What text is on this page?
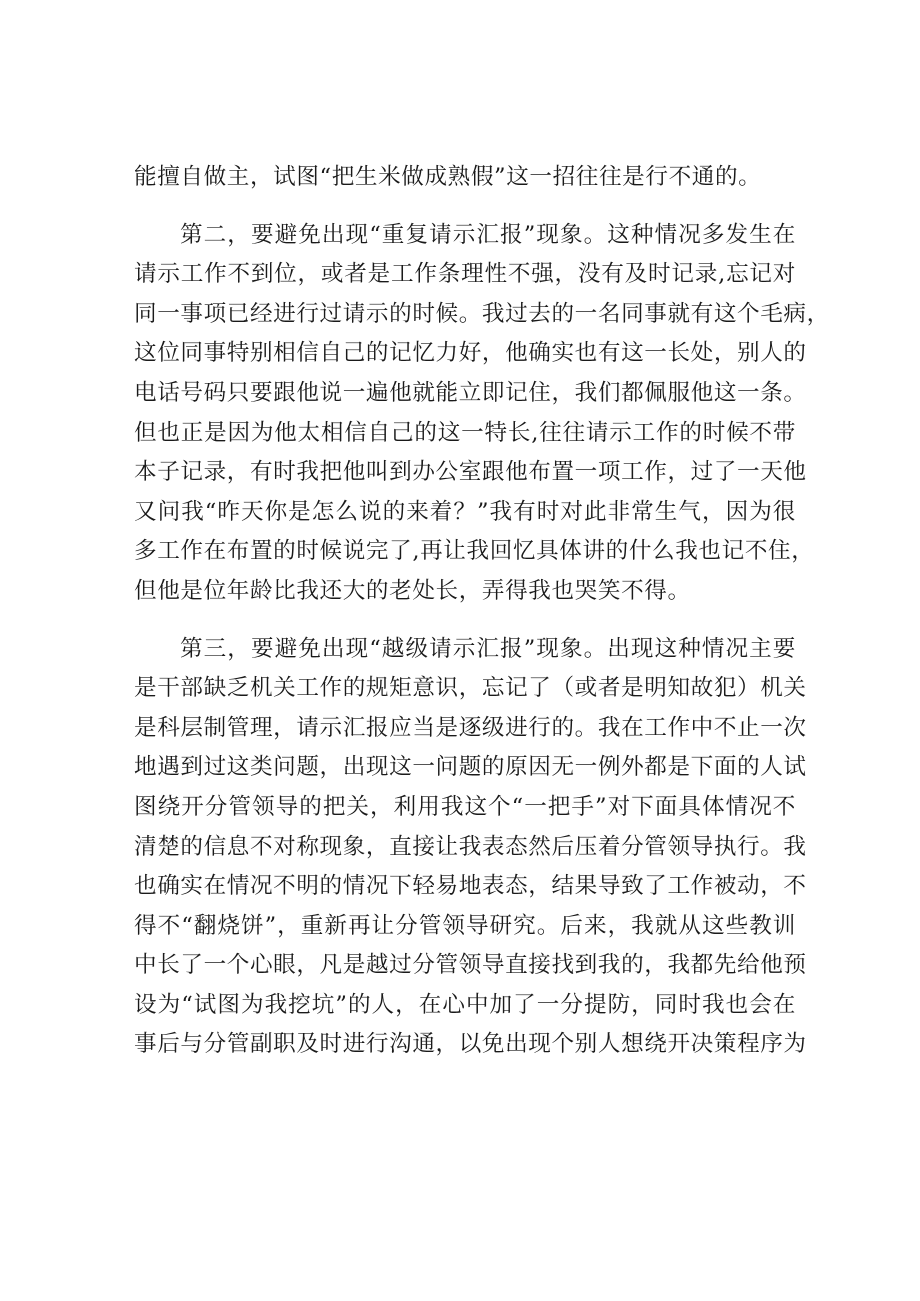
能擅自做主，试图“把生米做成熟假”这一招往往是行不通的。
第二，要避免出现“重复请示汇报”现象。这种情况多发生在
请示工作不到位，或者是工作条理性不强，没有及时记录,忘记对
同一事项已经进行过请示的时候。我过去的一名同事就有这个毛病，
这位同事特别相信自己的记忆力好，他确实也有这一长处，别人的
电话号码只要跟他说一遍他就能立即记住，我们都佩服他这一条。
但也正是因为他太相信自己的这一特长,往往请示工作的时候不带
本子记录，有时我把他叫到办公室跟他布置一项工作，过了一天他
又问我“昨天你是怎么说的来着？”我有时对此非常生气，因为很
多工作在布置的时候说完了,再让我回忆具体讲的什么我也记不住，
但他是位年龄比我还大的老处长，弄得我也哭笑不得。
第三，要避免出现“越级请示汇报”现象。出现这种情况主要
是干部缺乏机关工作的规矩意识，忘记了（或者是明知故犯）机关
是科层制管理，请示汇报应当是逐级进行的。我在工作中不止一次
地遇到过这类问题，出现这一问题的原因无一例外都是下面的人试
图绕开分管领导的把关，利用我这个“一把手”对下面具体情况不
清楚的信息不对称现象，直接让我表态然后压着分管领导执行。我
也确实在情况不明的情况下轻易地表态，结果导致了工作被动，不
得不“翻烧饼”，重新再让分管领导研究。后来，我就从这些教训
中长了一个心眼，凡是越过分管领导直接找到我的，我都先给他预
设为“试图为我挖坑”的人，在心中加了一分提防，同时我也会在
事后与分管副职及时进行沟通，以免出现个别人想绕开决策程序为
